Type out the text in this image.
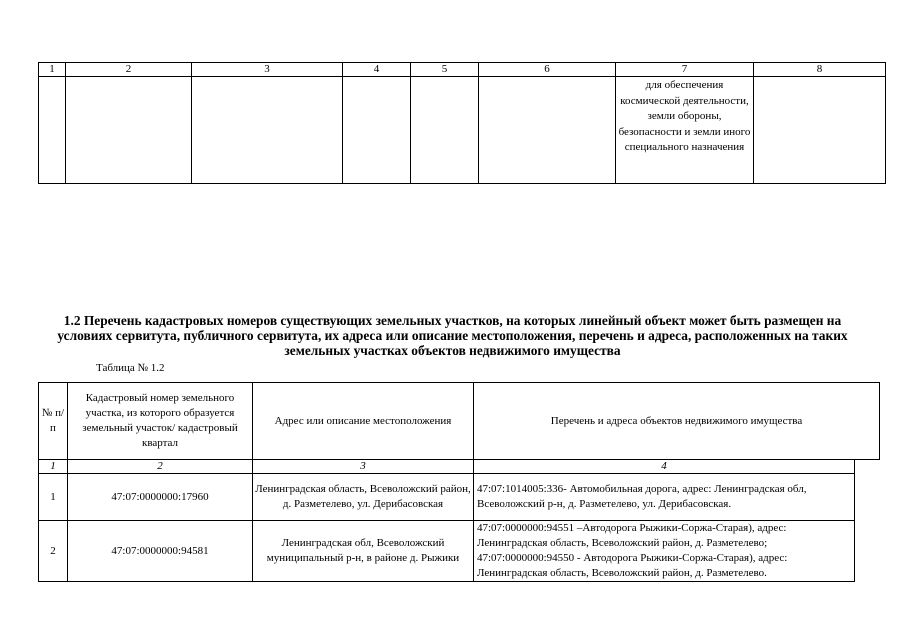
1	2	3	4	5	6	7	8
						для обеспечения космической деятельности, земли обороны, безопасности и земли иного специального назначения	
1.2 Перечень кадастровых номеров существующих земельных участков, на которых линейный объект может быть размещен на условиях сервитута, публичного сервитута, их адреса или описание местоположения, перечень и адреса, расположенных на таких земельных участках объектов недвижимого имущества
Таблица № 1.2
№ п/п	Кадастровый номер земельного участка, из которого образуется земельный участок/ кадастровый квартал	Адрес или описание местоположения	Перечень и адреса объектов недвижимого имущества	
1	2	3	4	
1	47:07:0000000:17960	Ленинградская область, Всеволожский район, д. Разметелево, ул. Дерибасовская	47:07:1014005:336- Автомобильная дорога, адрес: Ленинградская обл, Всеволожский р-н, д. Разметелево, ул. Дерибасовская.	
2	47:07:0000000:94581	Ленинградская обл, Всеволожский муниципальный р-н, в районе д. Рыжики	47:07:0000000:94551 –Автодорога Рыжики-Соржа-Старая), адрес: Ленинградская область, Всеволожский район, д. Разметелево; 47:07:0000000:94550 - Автодорога Рыжики-Соржа-Старая), адрес: Ленинградская область, Всеволожский район, д. Разметелево.	
